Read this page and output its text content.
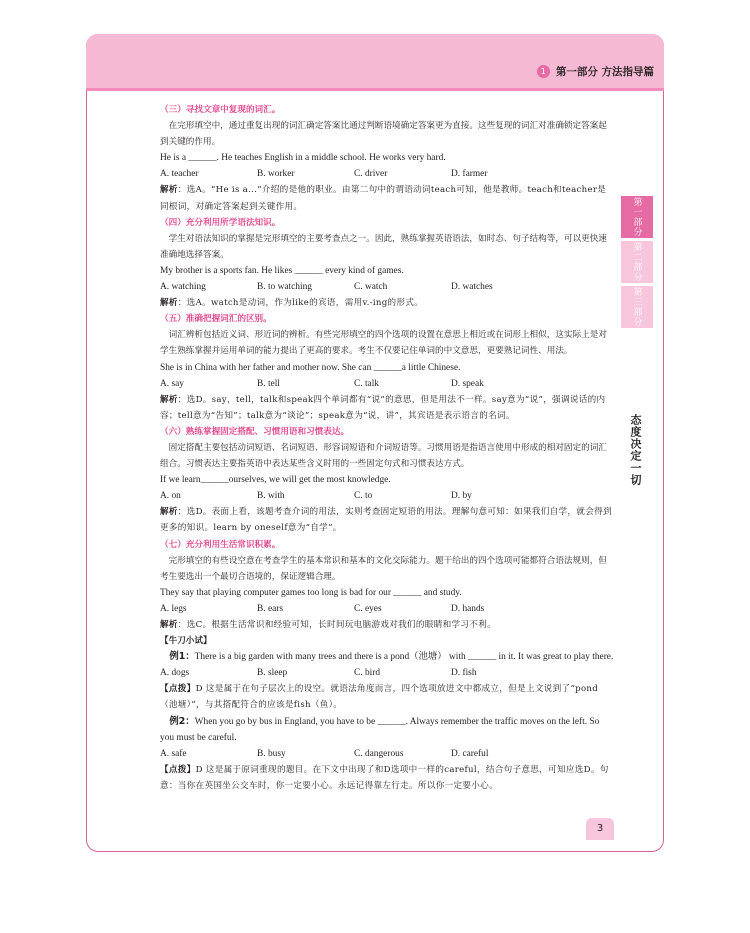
1 第一部分 方法指导篇
第一部分
第二部分
第三部分
态度决定一切

（三）寻找文章中复现的词汇。

在完形填空中，通过重复出现的词汇确定答案比通过判断语境确定答案更为直接。这些复现的词汇对准确锁定答案起到关键的作用。

He is a ______. He teaches English in a middle school. He works very hard.

A. teacher	B. worker	C. driver	D. farmer

解析：选A。“He is a...”介绍的是他的职业。由第二句中的谓语动词teach可知，他是教师。teach和teacher是同根词，对确定答案起到关键作用。

（四）充分利用所学语法知识。

学生对语法知识的掌握是完形填空的主要考查点之一。因此，熟练掌握英语语法，如时态、句子结构等，可以更快速准确地选择答案。

My brother is a sports fan. He likes ______ every kind of games.

A. watching	B. to watching	C. watch	D. watches

解析：选A。watch是动词，作为like的宾语，需用v.-ing的形式。

（五）准确把握词汇的区别。

词汇辨析包括近义词、形近词的辨析。有些完形填空的四个选项的设置在意思上相近或在词形上相似，这实际上是对学生熟练掌握并运用单词的能力提出了更高的要求。考生不仅要记住单词的中文意思，更要熟记词性、用法。

She is in China with her father and mother now. She can ______a little Chinese.

A. say	B. tell	C. talk	D. speak

解析：选D。say，tell，talk和speak四个单词都有“说”的意思，但是用法不一样。say意为“说”，强调说话的内容；tell意为“告知”；talk意为“谈论”；speak意为“说，讲”，其宾语是表示语言的名词。

（六）熟练掌握固定搭配、习惯用语和习惯表达。

固定搭配主要包括动词短语、名词短语、形容词短语和介词短语等。习惯用语是指语言使用中形成的相对固定的词汇组合。习惯表达主要指英语中表达某些含义时用的一些固定句式和习惯表达方式。

If we learn______ourselves, we will get the most knowledge.

A. on	B. with	C. to	D. by

解析：选D。表面上看，该题考查介词的用法，实则考查固定短语的用法。理解句意可知：如果我们自学，就会得到更多的知识。learn by oneself意为“自学”。

（七）充分利用生活常识积累。

完形填空的有些设空意在考查学生的基本常识和基本的文化交际能力。题干给出的四个选项可能都符合语法规则，但考生要选出一个最切合语境的，保证逻辑合理。

They say that playing computer games too long is bad for our ______ and study.

A. legs	B. ears	C. eyes	D. hands

解析：选C。根据生活常识和经验可知，长时间玩电脑游戏对我们的眼睛和学习不利。

【牛刀小试】

例1：There is a big garden with many trees and there is a pond（池塘） with ______ in it. It was great to play there.

A. dogs	B. sleep	C. bird	D. fish

【点拨】D 这是属于在句子层次上的设空。就语法角度而言，四个选项放进文中都成立，但是上文说到了“pond（池塘）”，与其搭配符合的应该是fish（鱼）。

例2：When you go by bus in England, you have to be ______. Always remember the traffic moves on the left. So you must be careful.

A. safe	B. busy	C. dangerous	D. careful

【点拨】D 这是属于原词重现的题目。在下文中出现了和D选项中一样的careful，结合句子意思，可知应选D。句意：当你在英国坐公交车时，你一定要小心。永远记得靠左行走。所以你一定要小心。

3
